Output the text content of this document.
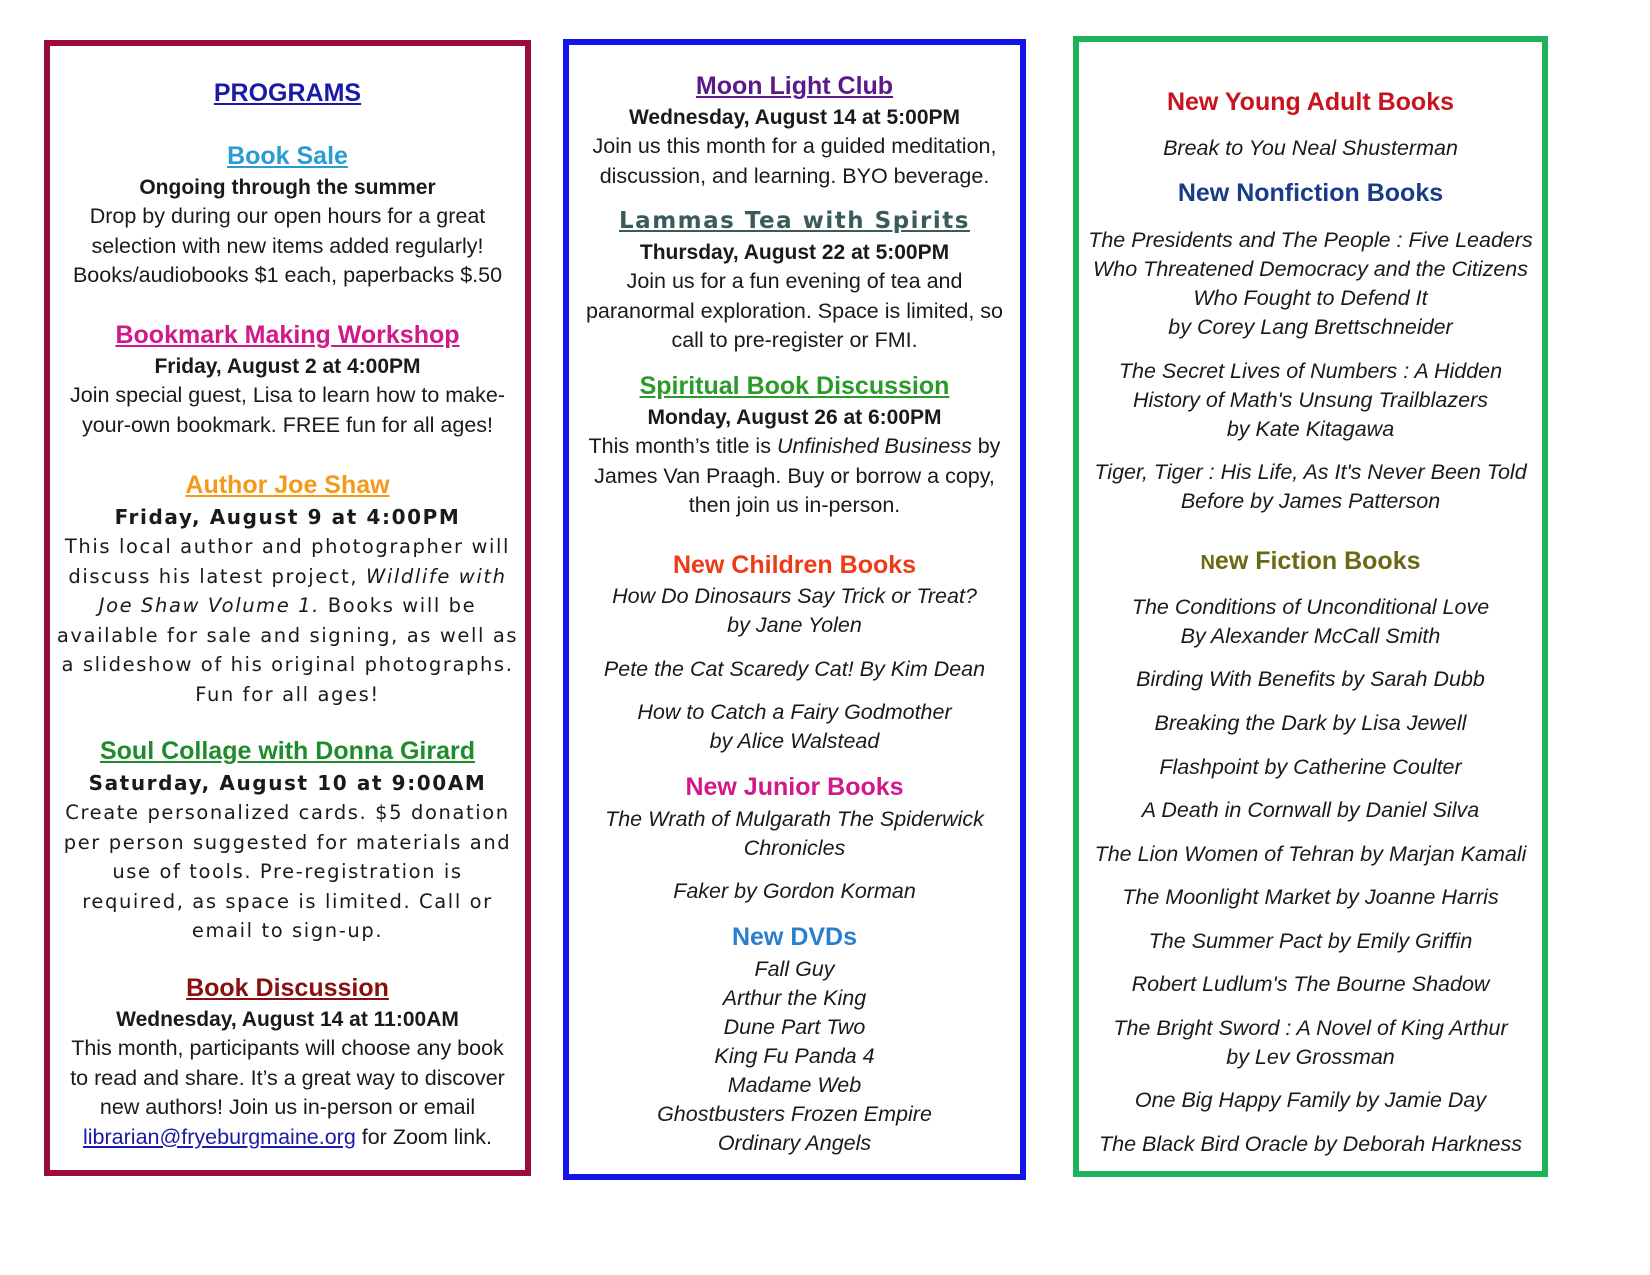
PROGRAMS
Book Sale
Ongoing through the summer
Drop by during our open hours for a great
selection with new items added regularly!
Books/audiobooks $1 each, paperbacks $.50
Bookmark Making Workshop
Friday, August 2 at 4:00PM
Join special guest, Lisa to learn how to make-
your-own bookmark. FREE fun for all ages!
Author Joe Shaw
Friday, August 9 at 4:00PM
This local author and photographer will
discuss his latest project, Wildlife with
Joe Shaw Volume 1. Books will be
available for sale and signing, as well as
a slideshow of his original photographs.
Fun for all ages!
Soul Collage with Donna Girard
Saturday, August 10 at 9:00AM
Create personalized cards. $5 donation
per person suggested for materials and
use of tools. Pre-registration is
required, as space is limited. Call or
email to sign-up.
Book Discussion
Wednesday, August 14 at 11:00AM
This month, participants will choose any book
to read and share. It’s a great way to discover
new authors! Join us in-person or email
librarian@fryeburgmaine.org for Zoom link.
Moon Light Club
Wednesday, August 14 at 5:00PM
Join us this month for a guided meditation,
discussion, and learning. BYO beverage.
Lammas Tea with Spirits
Thursday, August 22 at 5:00PM
Join us for a fun evening of tea and
paranormal exploration. Space is limited, so
call to pre-register or FMI.
Spiritual Book Discussion
Monday, August 26 at 6:00PM
This month’s title is Unfinished Business by
James Van Praagh. Buy or borrow a copy,
then join us in-person.
New Children Books
How Do Dinosaurs Say Trick or Treat?
by Jane Yolen
Pete the Cat Scaredy Cat! By Kim Dean
How to Catch a Fairy Godmother
by Alice Walstead
New Junior Books
The Wrath of Mulgarath The Spiderwick
Chronicles
Faker by Gordon Korman
New DVDs
Fall Guy
Arthur the King
Dune Part Two
King Fu Panda 4
Madame Web
Ghostbusters Frozen Empire
Ordinary Angels
New Young Adult Books
Break to You Neal Shusterman
New Nonfiction Books
The Presidents and The People : Five Leaders
Who Threatened Democracy and the Citizens
Who Fought to Defend It
by Corey Lang Brettschneider
The Secret Lives of Numbers : A Hidden
History of Math's Unsung Trailblazers
by Kate Kitagawa
Tiger, Tiger : His Life, As It's Never Been Told
Before by James Patterson
New Fiction Books
The Conditions of Unconditional Love
By Alexander McCall Smith
Birding With Benefits by Sarah Dubb
Breaking the Dark by Lisa Jewell
Flashpoint by Catherine Coulter
A Death in Cornwall by Daniel Silva
The Lion Women of Tehran by Marjan Kamali
The Moonlight Market by Joanne Harris
The Summer Pact by Emily Griffin
Robert Ludlum's The Bourne Shadow
The Bright Sword : A Novel of King Arthur
by Lev Grossman
One Big Happy Family by Jamie Day
The Black Bird Oracle by Deborah Harkness
